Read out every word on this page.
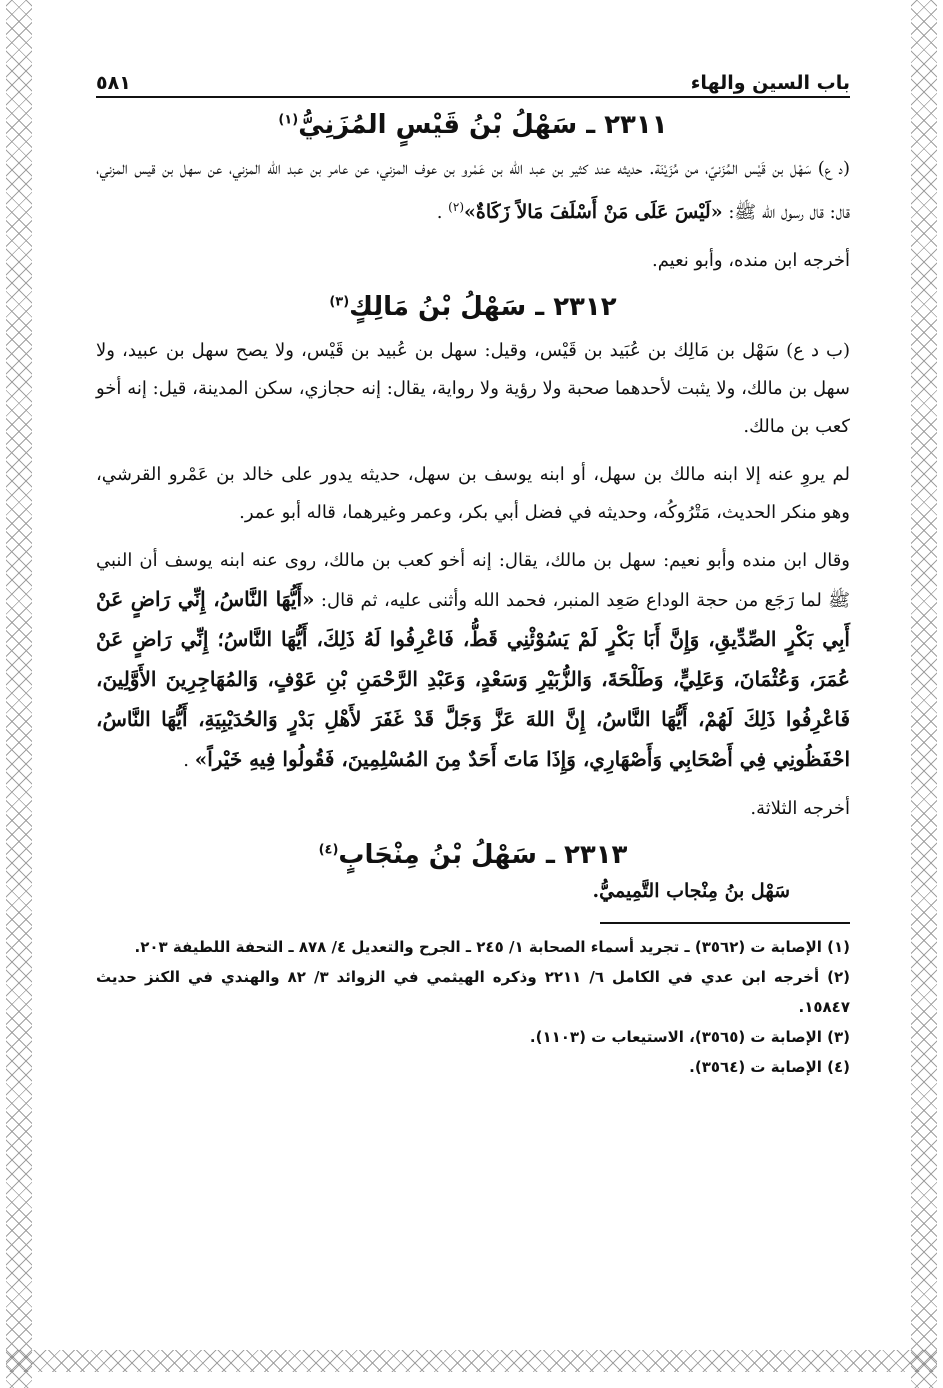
باب السين والهاء
٥٨١
٢٣١١ ـ سَهْلُ بْنُ قَيْسٍ المُزَنِيُّ$^{(١)}$

(د ع) سَهْل بن قَيْس المُزَنيّ، من مُزَيْنَة. حديثه عند كثير بن عبد اللّه بن عَمْرو بن عوف المزني، عن عامر بن عبد اللّه المزني، عن سهل بن قيس المزني، قال: قال رسول الله ﷺ: «لَيْسَ عَلَى مَنْ أَسْلَفَ مَالاً زَكَاةٌ»$^{(٢)}$ .

أخرجه ابن منده، وأبو نعيم.

٢٣١٢ ـ سَهْلُ بْنُ مَالِكٍ$^{(٣)}$

(ب د ع) سَهْل بن مَالِك بن عُبَيد بن قَيْس، وقيل: سهل بن عُبيد بن قَيْس، ولا يصح سهل بن عبيد، ولا سهل بن مالك، ولا يثبت لأحدهما صحبة ولا رؤية ولا رواية، يقال: إنه حجازي، سكن المدينة، قيل: إنه أخو كعب بن مالك.

لم يروِ عنه إلا ابنه مالك بن سهل، أو ابنه يوسف بن سهل، حديثه يدور على خالد بن عَمْرو القرشي، وهو منكر الحديث، مَتْرُوكُه، وحديثه في فضل أبي بكر، وعمر وغيرهما، قاله أبو عمر.

وقال ابن منده وأبو نعيم: سهل بن مالك، يقال: إنه أخو كعب بن مالك، روى عنه ابنه يوسف أن النبي ﷺ لما رَجَع من حجة الوداع صَعِد المنبر، فحمد الله وأثنى عليه، ثم قال: «أَيُّهَا النَّاسُ، إِنِّي رَاضٍ عَنْ أَبِي بَكْرٍ الصِّدِّيقِ، وَإِنَّ أَبَا بَكْرٍ لَمْ يَسُوْئْنِي قَطُّ، فَاعْرِفُوا لَهُ ذَلِكَ، أَيُّهَا النَّاسُ؛ إِنِّي رَاضٍ عَنْ عُمَرَ، وَعُثْمَانَ، وَعَلِيٍّ، وَطَلْحَةَ، وَالزُّبَيْرِ وَسَعْدٍ، وَعَبْدِ الرَّحْمَنِ بْنِ عَوْفٍ، وَالمُهَاجِرِينَ الأَوَّلِينَ، فَاعْرِفُوا ذَلِكَ لَهُمْ، أَيُّهَا النَّاسُ، إِنَّ اللهَ عَزَّ وَجَلَّ قَدْ غَفَرَ لأَهْلِ بَدْرٍ وَالحُدَيْبِيَةِ، أَيُّهَا النَّاسُ، احْفَظُونِي فِي أَصْحَابِي وَأَصْهَارِي، وَإِذَا مَاتَ أَحَدٌ مِنَ المُسْلِمِينَ، فَقُولُوا فِيهِ خَيْراً» .

أخرجه الثلاثة.

٢٣١٣ ـ سَهْلُ بْنُ مِنْجَابٍ$^{(٤)}$
سَهْل بنُ مِنْجاب التَّمِيميُّ.
(١) الإصابة ت (٣٥٦٢) ـ تجريد أسماء الصحابة ١/ ٢٤٥ ـ الجرح والتعديل ٤/ ٨٧٨ ـ التحفة اللطيفة ٢٠٣.
(٢) أخرجه ابن عدي في الكامل ٦/ ٢٢١١ وذكره الهيثمي في الزوائد ٣/ ٨٢ والهندي في الكنز حديث ١٥٨٤٧.
(٣) الإصابة ت (٣٥٦٥)، الاستيعاب ت (١١٠٣).
(٤) الإصابة ت (٣٥٦٤).
